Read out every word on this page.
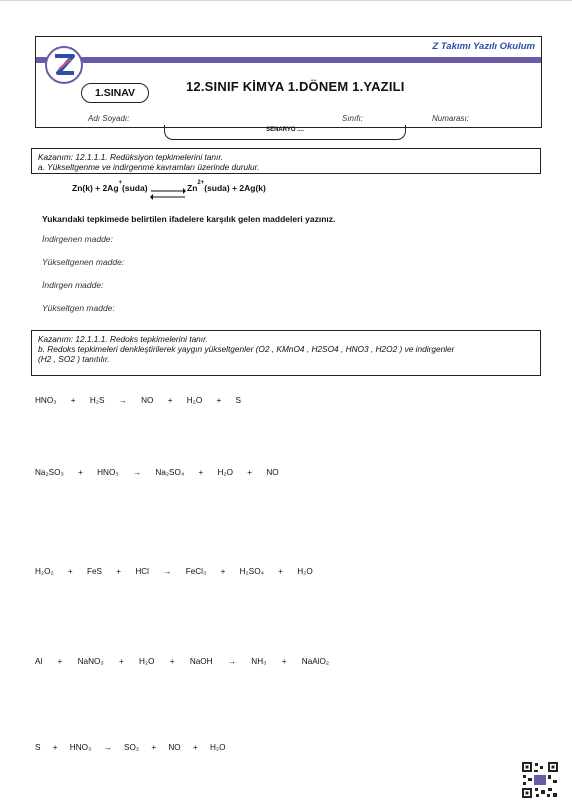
Z Takımı Yazılı Okulum
1.SINAV	12.SINIF KİMYA 1.DÖNEM 1.YAZILI
Adı Soyadı:	Sınıfı:	Numarası:
SENARYO ....
Kazanım: 12.1.1.1. Redüksiyon tepkimelerini tanır.
a. Yükseltgenme ve indirgenme kavramları üzerinde durulur.
Zn(k) + 2Ag+(suda) ⇌ $Zn^{2+}(suda) + 2Ag(k)$
Yukarıdaki tepkimede belirtilen ifadelere karşılık gelen maddeleri yazınız.
İndirgenen madde:
Yükseltgenen madde:
İndirgen madde:
Yükseltgen madde:
Kazanım: 12.1.1.1. Redoks tepkimelerini tanır.
b. Redoks tepkimeleri denkleştirilerek yaygın yükseltgenler (O2 , KMnO4 , H2SO4 , HNO3 , H2O2 ) ve indirgenler
(H2 , SO2 ) tanıtılır.
HNO₃ + H₂S → NO + H₂O + S
Na₂SO₃ + HNO₃ → Na₂SO₄ + H₂O + NO
H₂O₂ + FeS + HCl → FeCl₃ + H₂SO₄ + H₂O
Al + NaNO₃ + H₂O + NaOH → NH₃ + NaAlO₂
S + HNO₃ → SO₂ + NO + H₂O
